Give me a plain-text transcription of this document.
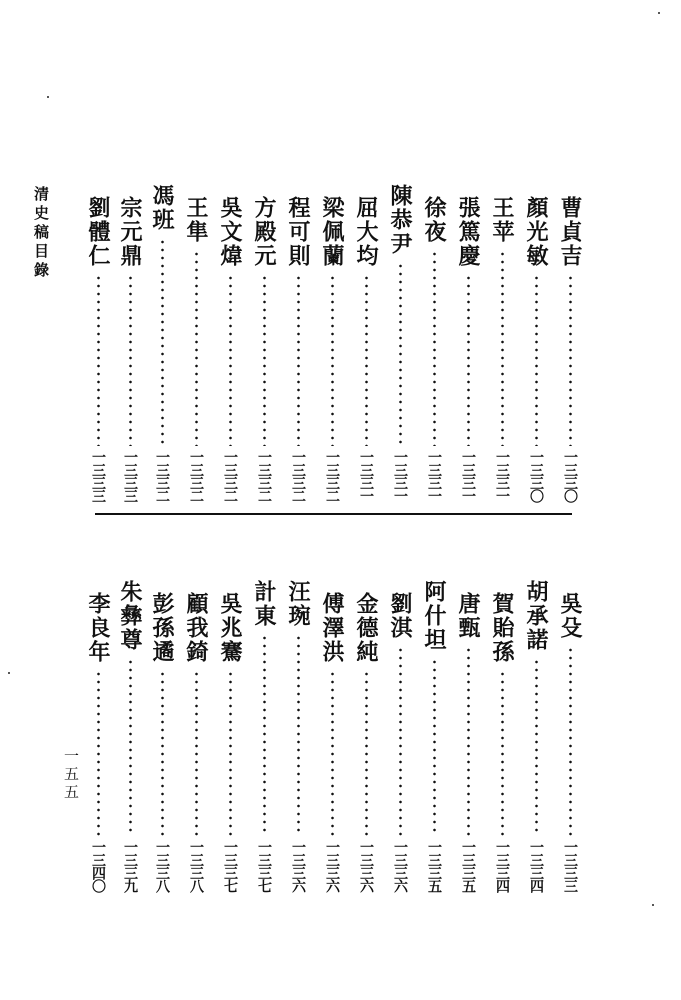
清史稿目錄
一五五
曹貞吉
一三三〇
顏光敏
一三三〇
王苹
一三三一
張篤慶
一三三一
徐夜
一三三一
陳恭尹
一三三一
屈大均
一三三一
梁佩蘭
一三三二
程可則
一三三二
方殿元
一三三二
吳文煒
一三三二
王隼
一三三二
馮班
一三三二
宗元鼎
一三三三
劉體仁
一三三三
吳殳
一三三三
胡承諾
一三三四
賀貽孫
一三三四
唐甄
一三三五
阿什坦
一三三五
劉淇
一三三六
金德純
一三三六
傅澤洪
一三三六
汪琬
一三三六
計東
一三三七
吳兆騫
一三三七
顧我錡
一三三八
彭孫遹
一三三八
朱彝尊
一三三九
李良年
一三四〇
